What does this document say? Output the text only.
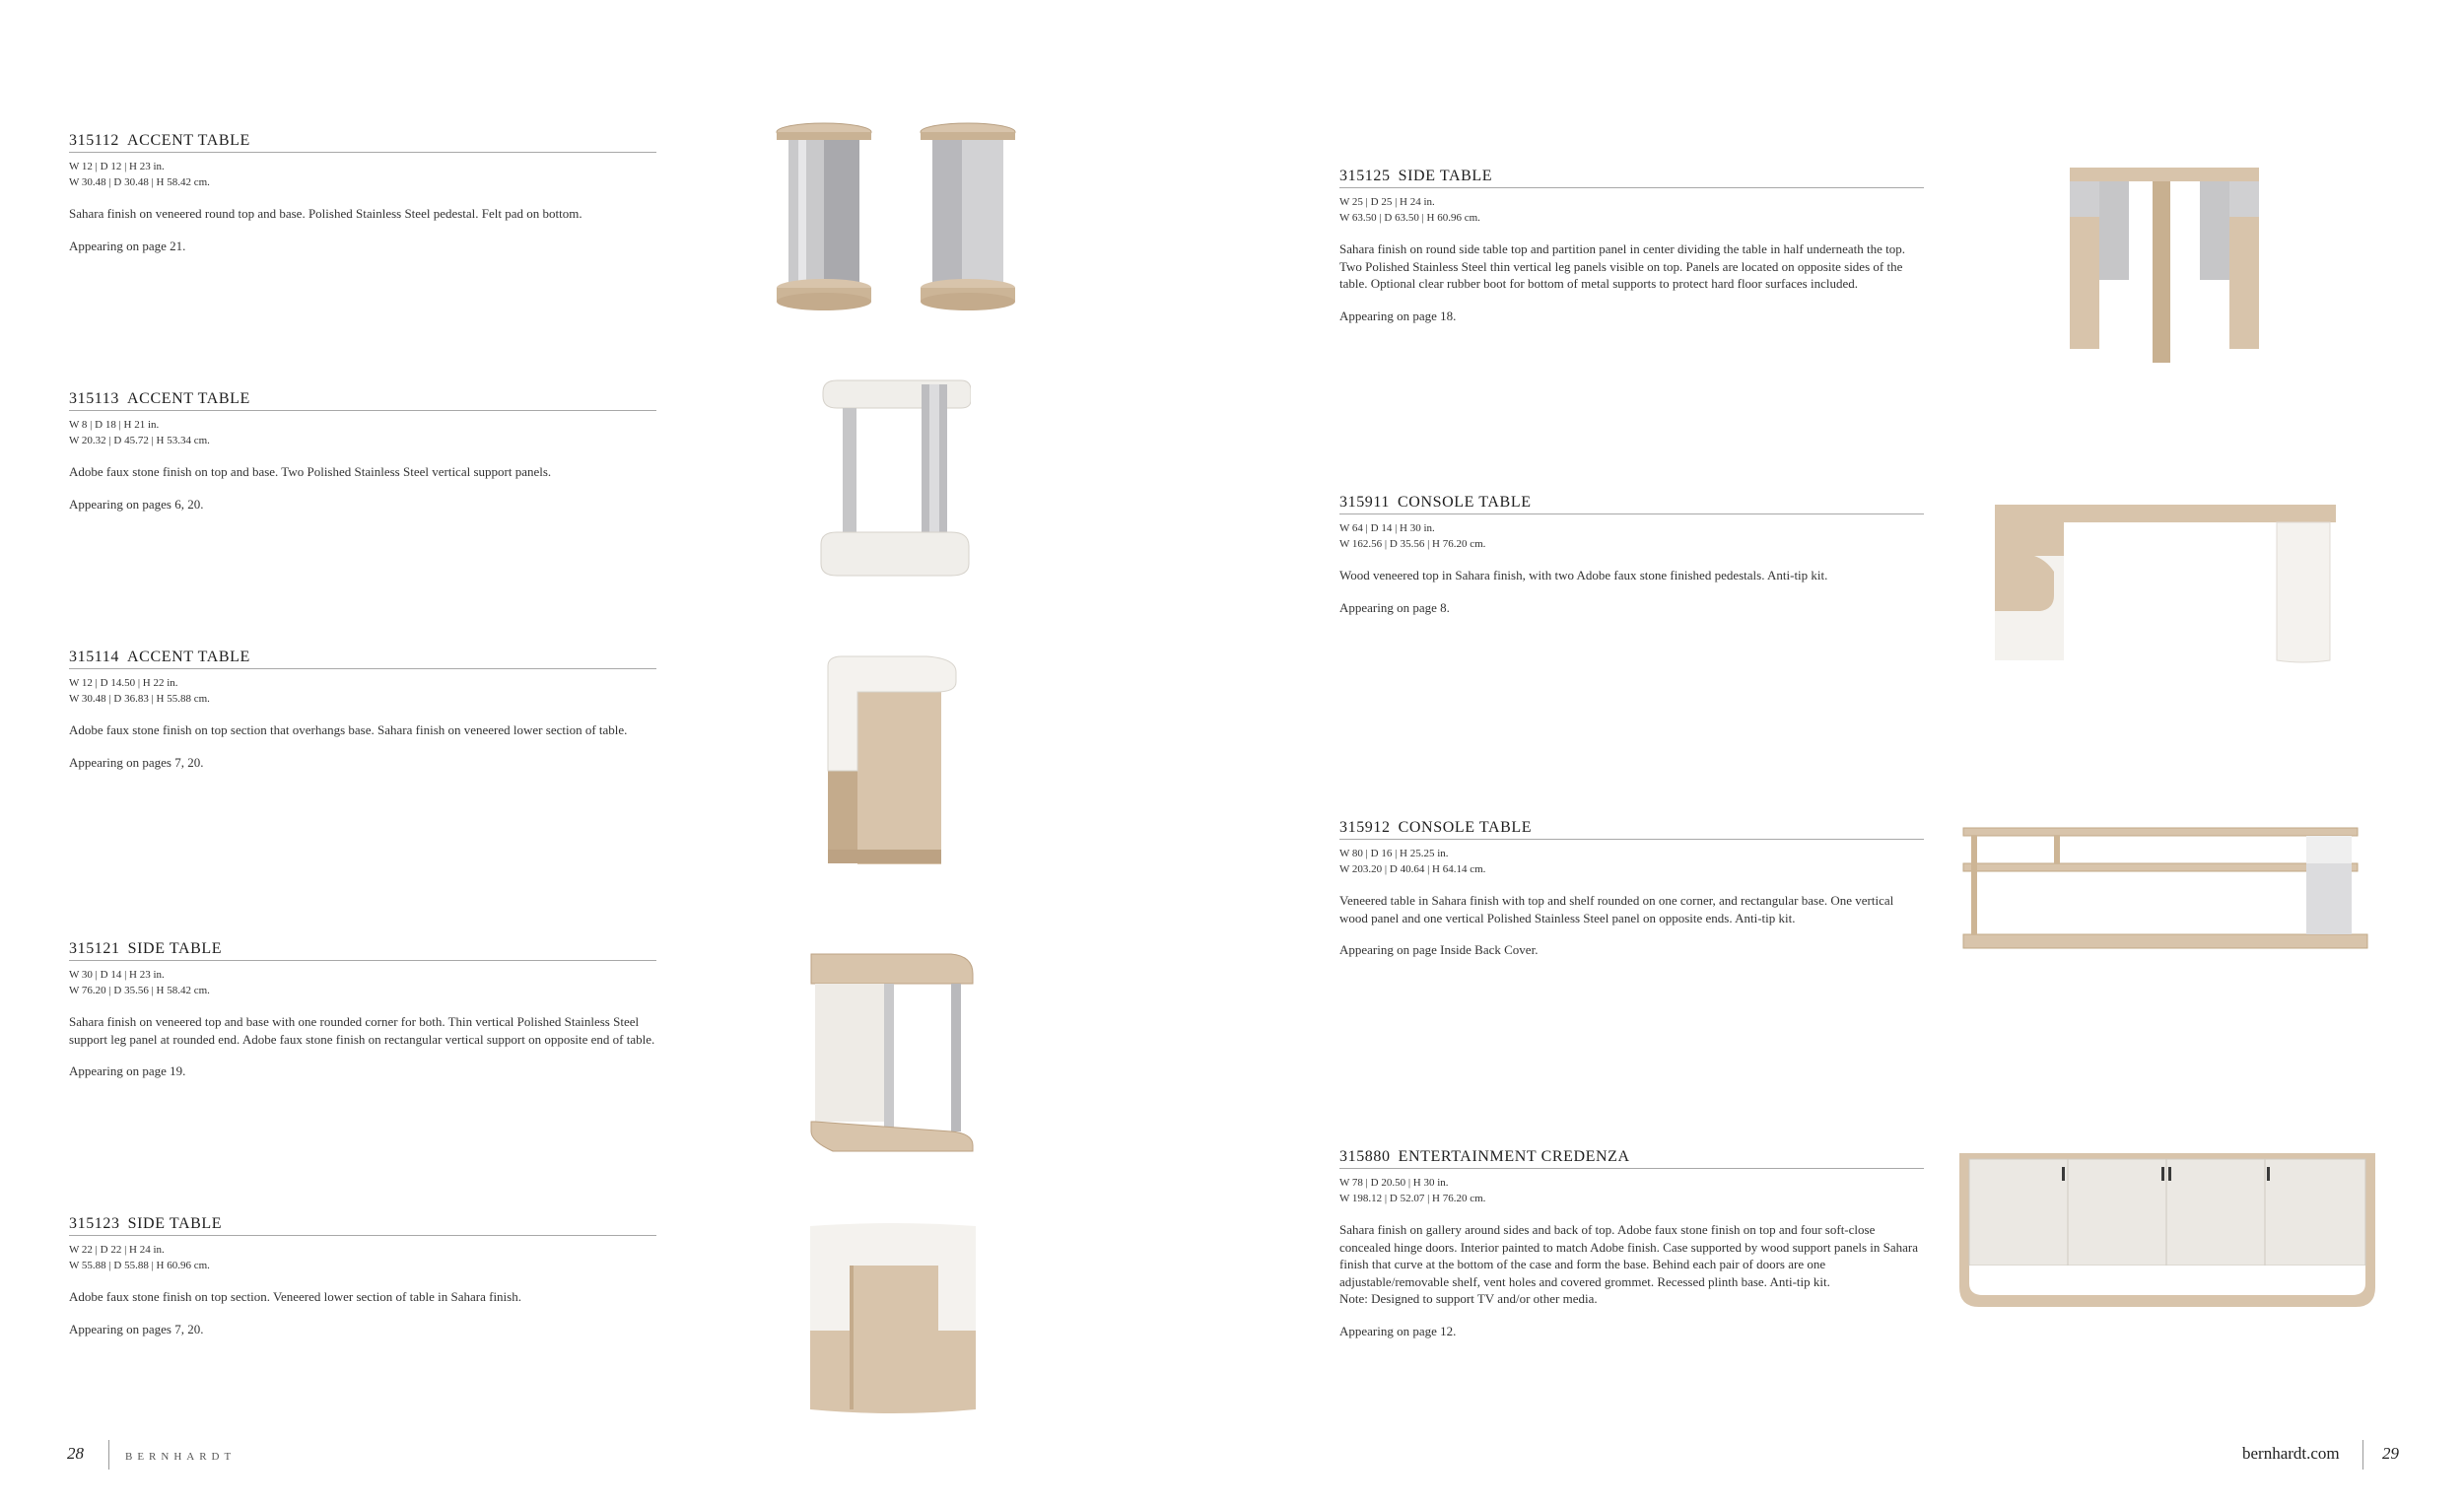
315112 ACCENT TABLE
W 12 | D 12 | H 23 in.
W 30.48 | D 30.48 | H 58.42 cm.
Sahara finish on veneered round top and base. Polished Stainless Steel pedestal. Felt pad on bottom.
Appearing on page 21.
315113 ACCENT TABLE
W 8 | D 18 | H 21 in.
W 20.32 | D 45.72 | H 53.34 cm.
Adobe faux stone finish on top and base. Two Polished Stainless Steel vertical support panels.
Appearing on pages 6, 20.
315114 ACCENT TABLE
W 12 | D 14.50 | H 22 in.
W 30.48 | D 36.83 | H 55.88 cm.
Adobe faux stone finish on top section that overhangs base. Sahara finish on veneered lower section of table.
Appearing on pages 7, 20.
315121 SIDE TABLE
W 30 | D 14 | H 23 in.
W 76.20 | D 35.56 | H 58.42 cm.
Sahara finish on veneered top and base with one rounded corner for both. Thin vertical Polished Stainless Steel support leg panel at rounded end. Adobe faux stone finish on rectangular vertical support on opposite end of table.
Appearing on page 19.
315123 SIDE TABLE
W 22 | D 22 | H 24 in.
W 55.88 | D 55.88 | H 60.96 cm.
Adobe faux stone finish on top section. Veneered lower section of table in Sahara finish.
Appearing on pages 7, 20.
28	BERNHARDT
315125 SIDE TABLE
W 25 | D 25 | H 24 in.
W 63.50 | D 63.50 | H 60.96 cm.
Sahara finish on round side table top and partition panel in center dividing the table in half underneath the top. Two Polished Stainless Steel thin vertical leg panels visible on top. Panels are located on opposite sides of the table. Optional clear rubber boot for bottom of metal supports to protect hard floor surfaces included.
Appearing on page 18.
315911 CONSOLE TABLE
W 64 | D 14 | H 30 in.
W 162.56 | D 35.56 | H 76.20 cm.
Wood veneered top in Sahara finish, with two Adobe faux stone finished pedestals. Anti-tip kit.
Appearing on page 8.
315912 CONSOLE TABLE
W 80 | D 16 | H 25.25 in.
W 203.20 | D 40.64 | H 64.14 cm.
Veneered table in Sahara finish with top and shelf rounded on one corner, and rectangular base. One vertical wood panel and one vertical Polished Stainless Steel panel on opposite ends. Anti-tip kit.
Appearing on page Inside Back Cover.
315880 ENTERTAINMENT CREDENZA
W 78 | D 20.50 | H 30 in.
W 198.12 | D 52.07 | H 76.20 cm.
Sahara finish on gallery around sides and back of top. Adobe faux stone finish on top and four soft-close concealed hinge doors. Interior painted to match Adobe finish. Case supported by wood support panels in Sahara finish that curve at the bottom of the case and form the base. Behind each pair of doors are one adjustable/removable shelf, vent holes and covered grommet. Recessed plinth base. Anti-tip kit.
Note: Designed to support TV and/or other media.
Appearing on page 12.
bernhardt.com	29
